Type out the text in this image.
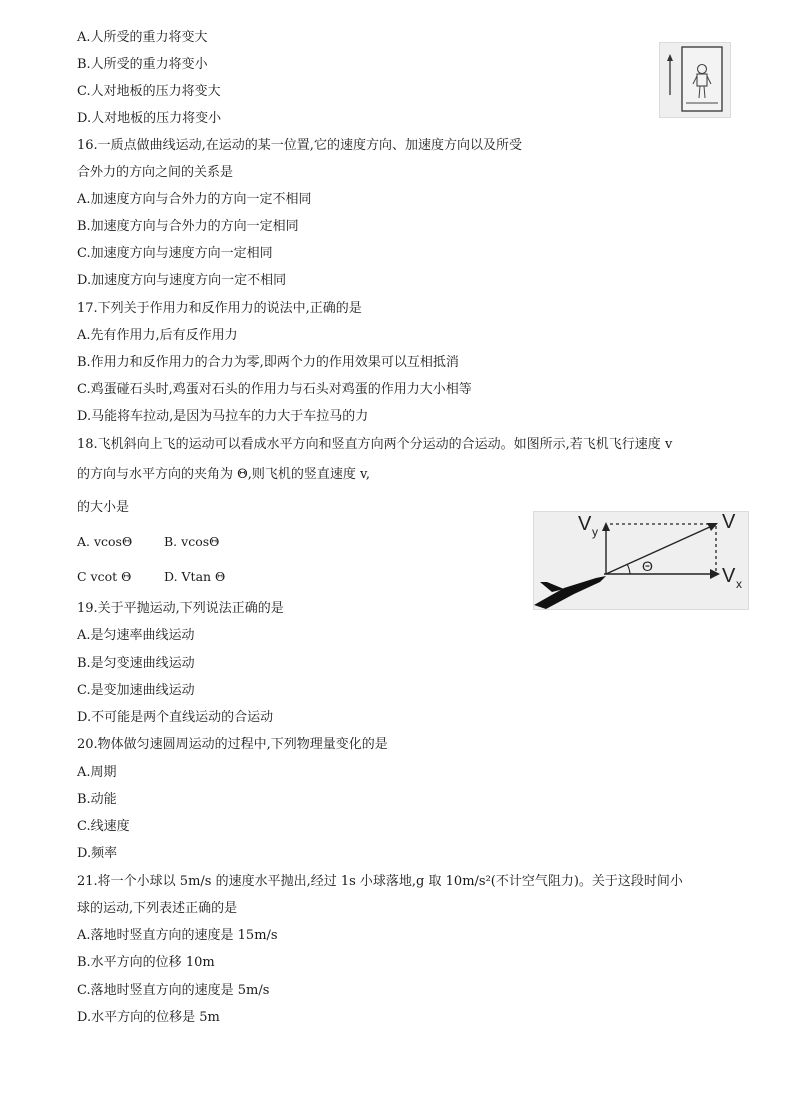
A.人所受的重力将变大
B.人所受的重力将变小
C.人对地板的压力将变大
D.人对地板的压力将变小
16.一质点做曲线运动,在运动的某一位置,它的速度方向、加速度方向以及所受
合外力的方向之间的关系是
A.加速度方向与合外力的方向一定不相同
B.加速度方向与合外力的方向一定相同
C.加速度方向与速度方向一定相同
D.加速度方向与速度方向一定不相同
17.下列关于作用力和反作用力的说法中,正确的是
A.先有作用力,后有反作用力
B.作用力和反作用力的合力为零,即两个力的作用效果可以互相抵消
C.鸡蛋碰石头时,鸡蛋对石头的作用力与石头对鸡蛋的作用力大小相等
D.马能将车拉动,是因为马拉车的力大于车拉马的力
18.飞机斜向上飞的运动可以看成水平方向和竖直方向两个分运动的合运动。如图所示,若飞机飞行速度 v
的方向与水平方向的夹角为 Θ,则飞机的竖直速度 v,
的大小是
A. vcosΘ	B. vcosΘ
C vcot Θ	D. Vtan Θ
V y	V
V x
Θ
19.关于平抛运动,下列说法正确的是
A.是匀速率曲线运动
B.是匀变速曲线运动
C.是变加速曲线运动
D.不可能是两个直线运动的合运动
20.物体做匀速圆周运动的过程中,下列物理量变化的是
A.周期
B.动能
C.线速度
D.频率
21.将一个小球以 5m/s 的速度水平抛出,经过 1s 小球落地,g 取 10m/s²(不计空气阻力)。关于这段时间小
球的运动,下列表述正确的是
A.落地时竖直方向的速度是 15m/s
B.水平方向的位移 10m
C.落地时竖直方向的速度是 5m/s
D.水平方向的位移是 5m
